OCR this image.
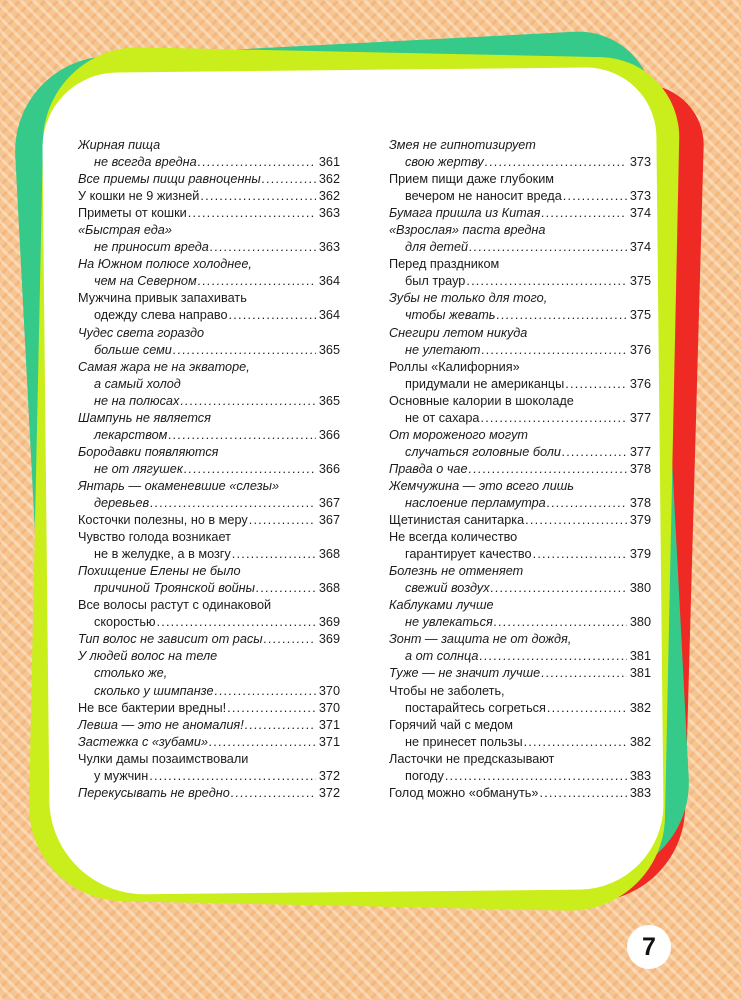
Жирная пища
не всегда вредна .....	361
Все приемы пищи равноценны .....	362
У кошки не 9 жизней .....	362
Приметы от кошки .....	363
«Быстрая еда»
не приносит вреда .....	363
На Южном полюсе холоднее,
чем на Северном .....	364
Мужчина привык запахивать
одежду слева направо .....	364
Чудес света гораздо
больше семи .....	365
Самая жара не на экваторе,
а самый холод
не на полюсах .....	365
Шампунь не является
лекарством .....	366
Бородавки появляются
не от лягушек .....	366
Янтарь — окаменевшие «слезы»
деревьев .....	367
Косточки полезны, но в меру .....	367
Чувство голода возникает
не в желудке, а в мозгу .....	368
Похищение Елены не было
причиной Троянской войны .....	368
Все волосы растут с одинаковой
скоростью .....	369
Тип волос не зависит от расы .....	369
У людей волос на теле
столько же,
сколько у шимпанзе .....	370
Не все бактерии вредны! .....	370
Левша — это не аномалия! .....	371
Застежка с «зубами» .....	371
Чулки дамы позаимствовали
у мужчин .....	372
Перекусывать не вредно .....	372
Змея не гипнотизирует
свою жертву .....	373
Прием пищи даже глубоким
вечером не наносит вреда .....	373
Бумага пришла из Китая .....	374
«Взрослая» паста вредна
для детей .....	374
Перед праздником
был траур .....	375
Зубы не только для того,
чтобы жевать .....	375
Снегири летом никуда
не улетают .....	376
Роллы «Калифорния»
придумали не американцы .....	376
Основные калории в шоколаде
не от сахара .....	377
От мороженого могут
случаться головные боли .....	377
Правда о чае .....	378
Жемчужина — это всего лишь
наслоение перламутра .....	378
Щетинистая санитарка .....	379
Не всегда количество
гарантирует качество .....	379
Болезнь не отменяет
свежий воздух .....	380
Каблуками лучше
не увлекаться .....	380
Зонт — защита не от дождя,
а от солнца .....	381
Туже — не значит лучше .....	381
Чтобы не заболеть,
постарайтесь согреться .....	382
Горячий чай с медом
не принесет пользы .....	382
Ласточки не предсказывают
погоду .....	383
Голод можно «обмануть» .....	383
7
